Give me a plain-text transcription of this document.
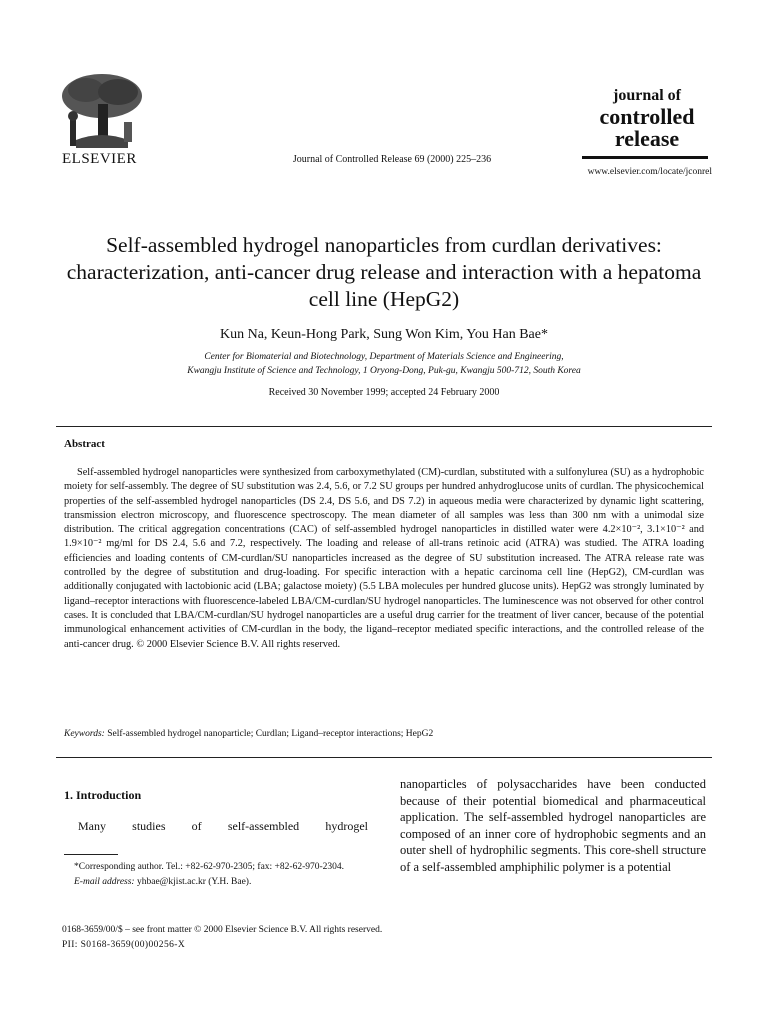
ELSEVIER	Journal of Controlled Release 69 (2000) 225–236
journal of
controlled
release
www.elsevier.com/locate/jconrel
Self-assembled hydrogel nanoparticles from curdlan derivatives: characterization, anti-cancer drug release and interaction with a hepatoma cell line (HepG2)
Kun Na, Keun-Hong Park, Sung Won Kim, You Han Bae*
Center for Biomaterial and Biotechnology, Department of Materials Science and Engineering,
Kwangju Institute of Science and Technology, 1 Oryong-Dong, Puk-gu, Kwangju 500-712, South Korea
Received 30 November 1999; accepted 24 February 2000
Abstract
Self-assembled hydrogel nanoparticles were synthesized from carboxymethylated (CM)-curdlan, substituted with a sulfonylurea (SU) as a hydrophobic moiety for self-assembly. The degree of SU substitution was 2.4, 5.6, or 7.2 SU groups per hundred anhydroglucose units of curdlan. The physicochemical properties of the self-assembled hydrogel nanoparticles (DS 2.4, DS 5.6, and DS 7.2) in aqueous media were characterized by dynamic light scattering, transmission electron microscopy, and fluorescence spectroscopy. The mean diameter of all samples was less than 300 nm with a unimodal size distribution. The critical aggregation concentrations (CAC) of self-assembled hydrogel nanoparticles in distilled water were 4.2×10⁻², 3.1×10⁻² and 1.9×10⁻² mg/ml for DS 2.4, 5.6 and 7.2, respectively. The loading and release of all-trans retinoic acid (ATRA) was studied. The ATRA loading efficiencies and loading contents of CM-curdlan/SU nanoparticles increased as the degree of SU substitution increased. The ATRA release rate was controlled by the degree of substitution and drug-loading. For specific interaction with a hepatic carcinoma cell line (HepG2), CM-curdlan was additionally conjugated with lactobionic acid (LBA; galactose moiety) (5.5 LBA molecules per hundred glucose units). HepG2 was strongly luminated by ligand–receptor interactions with fluorescence-labeled LBA/CM-curdlan/SU hydrogel nanoparticles. The luminescence was not observed for other control cases. It is concluded that LBA/CM-curdlan/SU hydrogel nanoparticles are a useful drug carrier for the treatment of liver cancer, because of the potential immunological enhancement activities of CM-curdlan in the body, the ligand–receptor mediated specific interactions, and the controlled release of the anti-cancer drug. © 2000 Elsevier Science B.V. All rights reserved.
Keywords: Self-assembled hydrogel nanoparticle; Curdlan; Ligand–receptor interactions; HepG2
1. Introduction
Many studies of self-assembled hydrogel
*Corresponding author. Tel.: +82-62-970-2305; fax: +82-62-970-2304.
E-mail address: yhbae@kjist.ac.kr (Y.H. Bae).
nanoparticles of polysaccharides have been conducted because of their potential biomedical and pharmaceutical application. The self-assembled hydrogel nanoparticles are composed of an inner core of hydrophobic segments and an outer shell of hydrophilic segments. This core-shell structure of a self-assembled amphiphilic polymer is a potential
0168-3659/00/$ – see front matter © 2000 Elsevier Science B.V. All rights reserved.
PII: S0168-3659(00)00256-X
